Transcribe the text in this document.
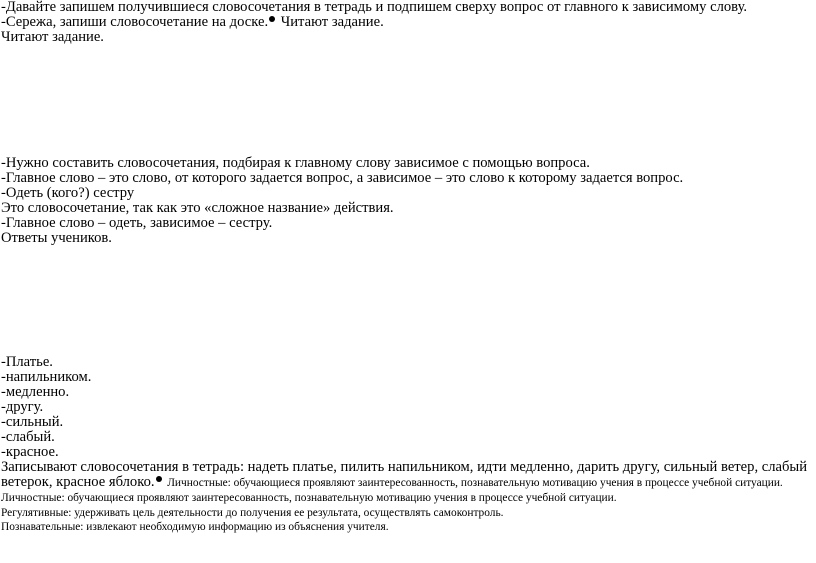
-Давайте запишем получившиеся словосочетания в тетрадь и подпишем сверху вопрос от главного к зависимому слову.

-Сережа, запиши словосочетание на доске. Читают задание.

Читают задание.

-Нужно составить словосочетания, подбирая к главному слову зависимое с помощью вопроса.

-Главное слово – это слово, от которого задается вопрос, а зависимое – это слово к которому задается вопрос.

-Одеть (кого?) сестру

Это словосочетание, так как это «сложное название» действия.

-Главное слово – одеть, зависимое – сестру.

Ответы учеников.

-Платье.

-напильником.

-медленно.

-другу.

-сильный.

-слабый.

-красное.

Записывают словосочетания в тетрадь: надеть платье, пилить напильником, идти медленно, дарить другу, сильный ветер, слабый ветерок, красное яблоко. Личностные: обучающиеся проявляют заинтересованность, познавательную мотивацию учения в процессе учебной ситуации.

Личностные: обучающиеся проявляют заинтересованность, познавательную мотивацию учения в процессе учебной ситуации.

Регулятивные: удерживать цель деятельности до получения ее результата, осуществлять самоконтроль.

Познавательные: извлекают необходимую информацию из объяснения учителя.
